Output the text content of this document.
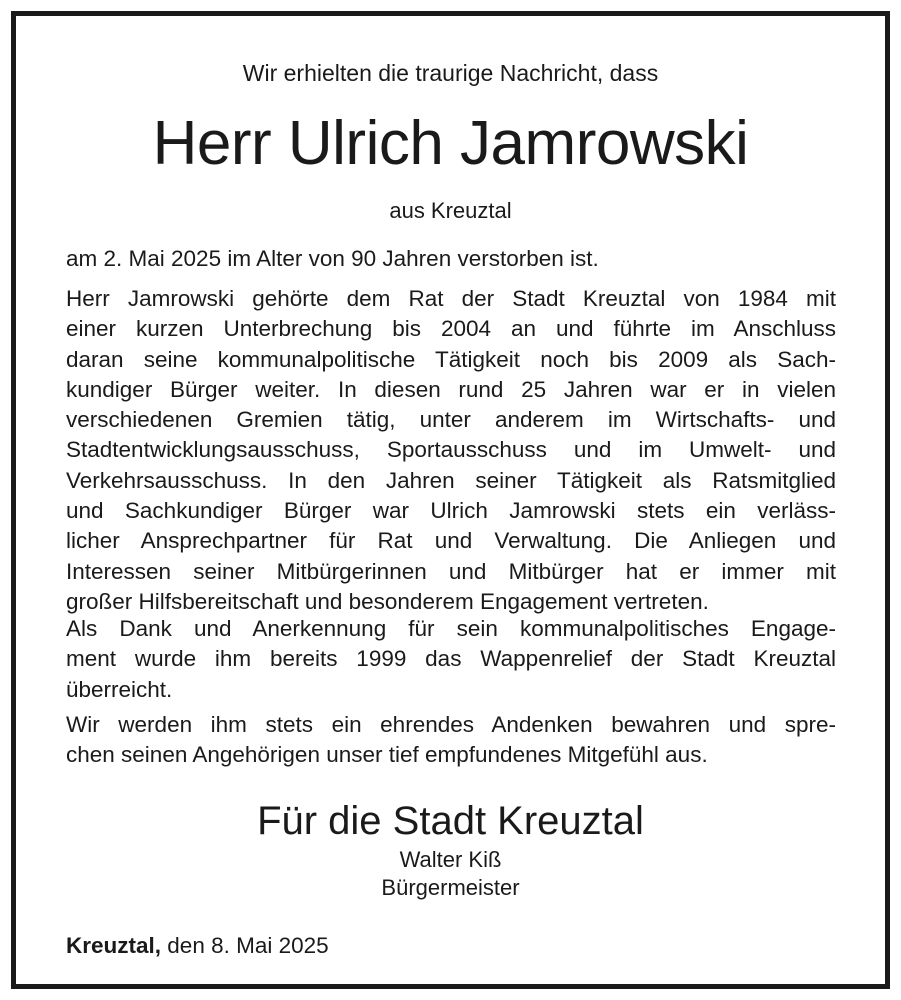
Wir erhielten die traurige Nachricht, dass
Herr Ulrich Jamrowski
aus Kreuztal
am 2. Mai 2025 im Alter von 90 Jahren verstorben ist.
Herr Jamrowski gehörte dem Rat der Stadt Kreuztal von 1984 mit
einer kurzen Unterbrechung bis 2004 an und führte im Anschluss
daran seine kommunalpolitische Tätigkeit noch bis 2009 als Sach-
kundiger Bürger weiter. In diesen rund 25 Jahren war er in vielen
verschiedenen Gremien tätig, unter anderem im Wirtschafts- und
Stadtentwicklungsausschuss, Sportausschuss und im Umwelt- und
Verkehrsausschuss. In den Jahren seiner Tätigkeit als Ratsmitglied
und Sachkundiger Bürger war Ulrich Jamrowski stets ein verläss-
licher Ansprechpartner für Rat und Verwaltung. Die Anliegen und
Interessen seiner Mitbürgerinnen und Mitbürger hat er immer mit
großer Hilfsbereitschaft und besonderem Engagement vertreten.
Als Dank und Anerkennung für sein kommunalpolitisches Engage-
ment wurde ihm bereits 1999 das Wappenrelief der Stadt Kreuztal
überreicht.
Wir werden ihm stets ein ehrendes Andenken bewahren und spre-
chen seinen Angehörigen unser tief empfundenes Mitgefühl aus.
Für die Stadt Kreuztal
Walter Kiß
Bürgermeister
Kreuztal, den 8. Mai 2025
